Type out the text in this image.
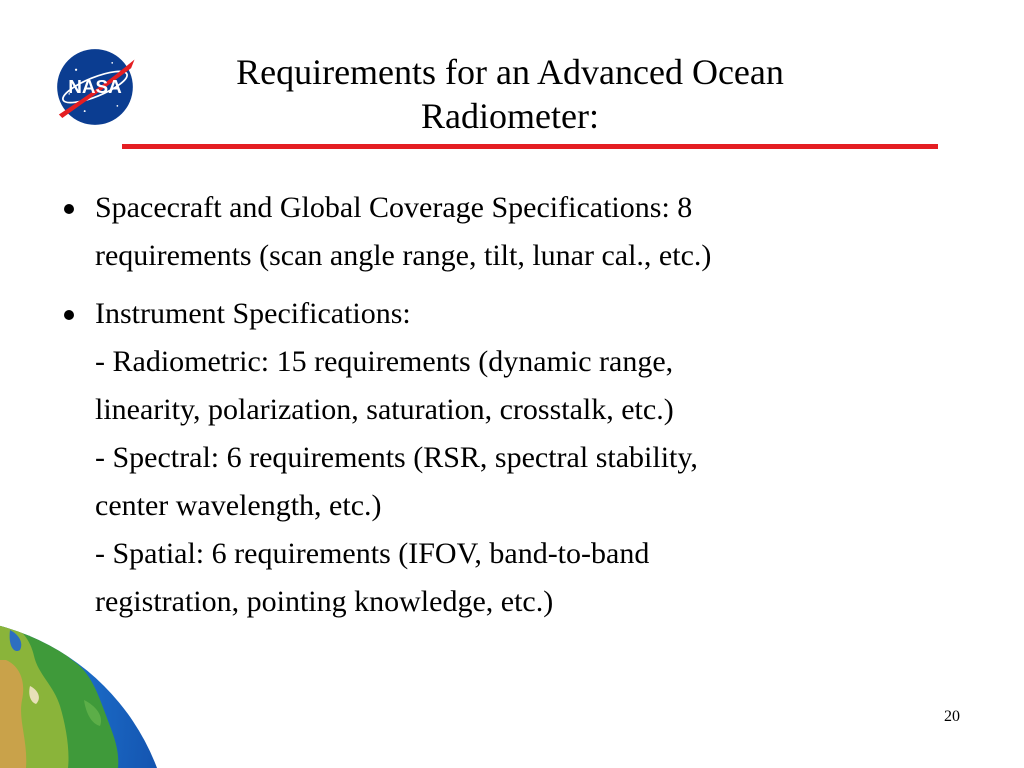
NASA	Requirements for an Advanced Ocean
Radiometer:
Spacecraft and Global Coverage Specifications: 8
requirements (scan angle range, tilt, lunar cal., etc.)
Instrument Specifications:
- Radiometric: 15 requirements (dynamic range,
linearity, polarization, saturation, crosstalk, etc.)
- Spectral: 6 requirements (RSR, spectral stability,
center wavelength, etc.)
- Spatial: 6 requirements (IFOV, band-to-band
registration, pointing knowledge, etc.)
20
